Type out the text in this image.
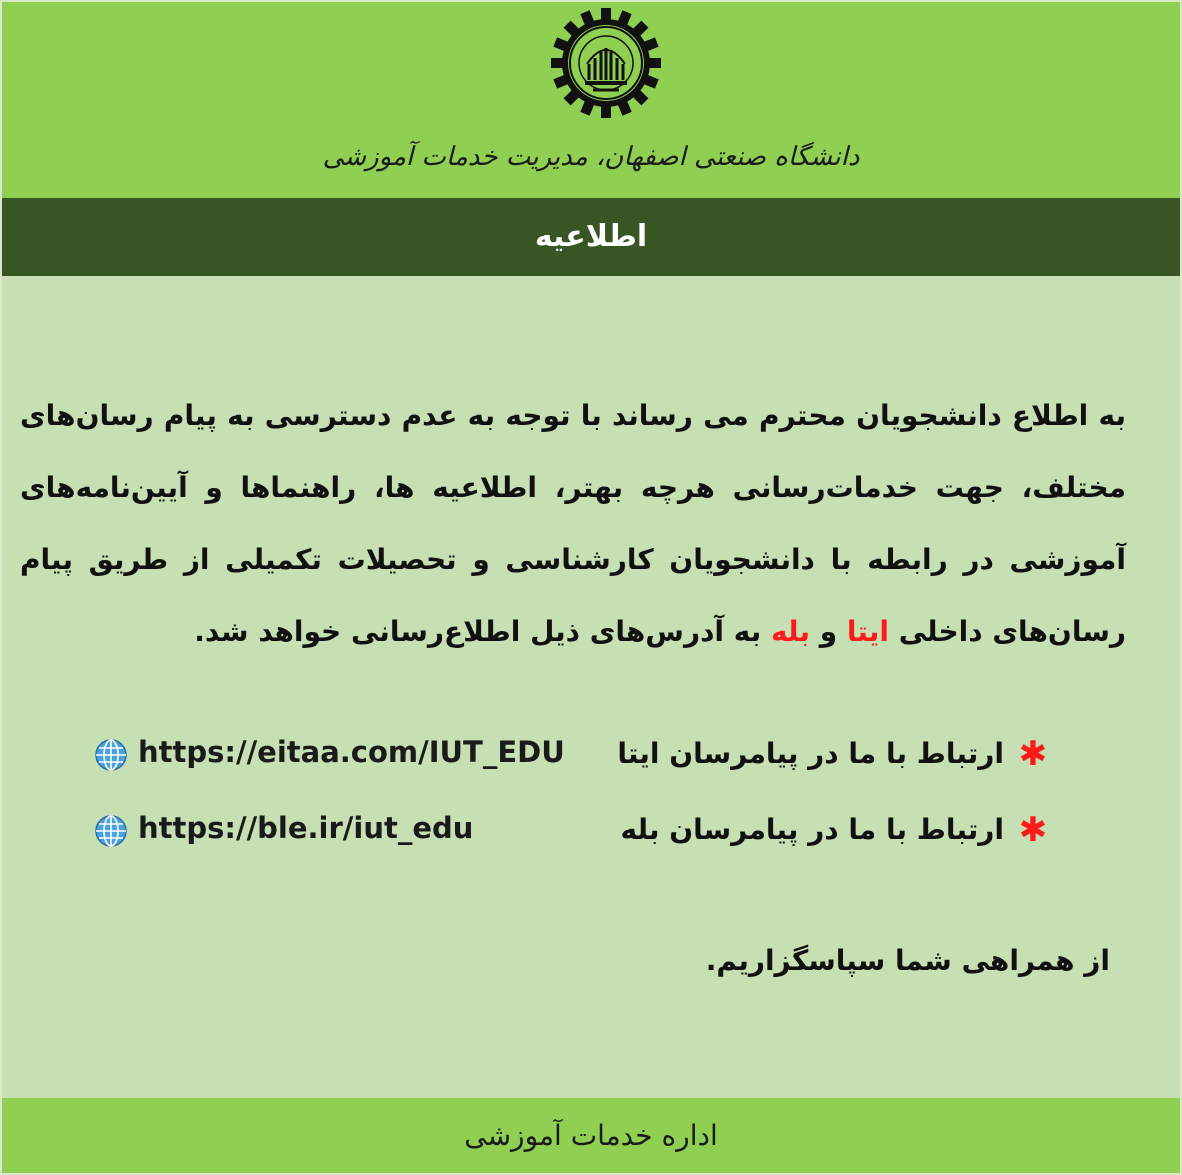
دانشگاه صنعتی اصفهان، مدیریت خدمات آموزشی
اطلاعیه
به اطلاع دانشجویان محترم می رساند با توجه به عدم دسترسی به پیام رسان‌های مختلف، جهت خدمات‌رسانی هرچه بهتر، اطلاعیه ها، راهنماها و آیین‌نامه‌های آموزشی در رابطه با دانشجویان کارشناسی و تحصیلات تکمیلی از طریق پیام رسان‌های داخلی ایتا و بله به آدرس‌های ذیل اطلاع‌رسانی خواهد شد.
✱
ارتباط با ما در پیامرسان ایتا
https://eitaa.com/IUT_EDU
✱
ارتباط با ما در پیامرسان بله
https://ble.ir/iut_edu
از همراهی شما سپاسگزاریم.
اداره خدمات آموزشی
